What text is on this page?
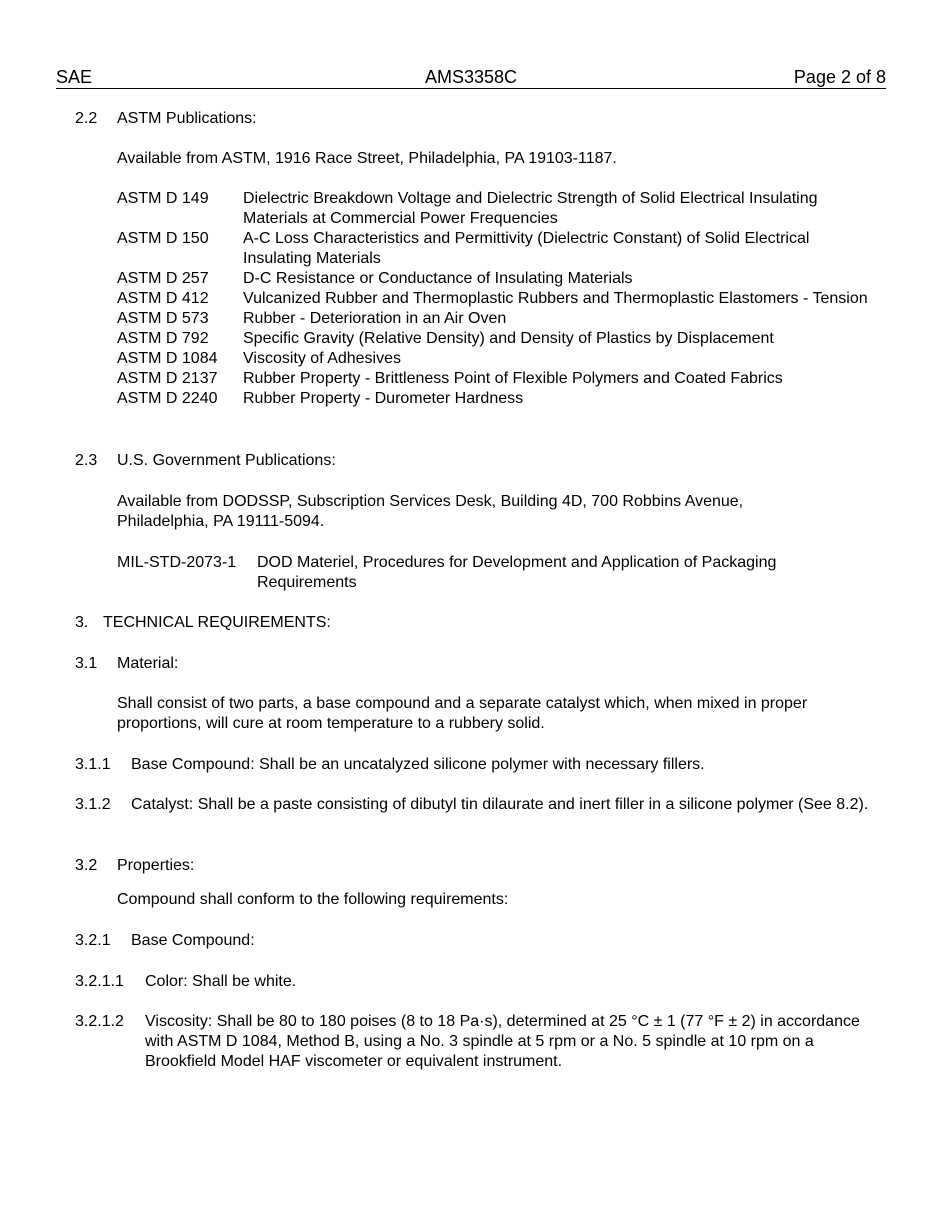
SAE	AMS3358C	Page 2 of 8
2.2 ASTM Publications:
Available from ASTM, 1916 Race Street, Philadelphia, PA 19103-1187.
ASTM D 149	Dielectric Breakdown Voltage and Dielectric Strength of Solid Electrical Insulating Materials at Commercial Power Frequencies
ASTM D 150	A-C Loss Characteristics and Permittivity (Dielectric Constant) of Solid Electrical Insulating Materials
ASTM D 257	D-C Resistance or Conductance of Insulating Materials
ASTM D 412	Vulcanized Rubber and Thermoplastic Rubbers and Thermoplastic Elastomers - Tension
ASTM D 573	Rubber - Deterioration in an Air Oven
ASTM D 792	Specific Gravity (Relative Density) and Density of Plastics by Displacement
ASTM D 1084	Viscosity of Adhesives
ASTM D 2137	Rubber Property - Brittleness Point of Flexible Polymers and Coated Fabrics
ASTM D 2240	Rubber Property - Durometer Hardness
2.3 U.S. Government Publications:
Available from DODSSP, Subscription Services Desk, Building 4D, 700 Robbins Avenue, Philadelphia, PA 19111-5094.
MIL-STD-2073-1	DOD Materiel, Procedures for Development and Application of Packaging Requirements
3. TECHNICAL REQUIREMENTS:
3.1 Material:
Shall consist of two parts, a base compound and a separate catalyst which, when mixed in proper proportions, will cure at room temperature to a rubbery solid.
3.1.1 Base Compound: Shall be an uncatalyzed silicone polymer with necessary fillers.
3.1.2 Catalyst: Shall be a paste consisting of dibutyl tin dilaurate and inert filler in a silicone polymer (See 8.2).
3.2 Properties:
Compound shall conform to the following requirements:
3.2.1 Base Compound:
3.2.1.1 Color: Shall be white.
3.2.1.2 Viscosity: Shall be 80 to 180 poises (8 to 18 Pa·s), determined at 25 °C ± 1 (77 °F ± 2) in accordance with ASTM D 1084, Method B, using a No. 3 spindle at 5 rpm or a No. 5 spindle at 10 rpm on a Brookfield Model HAF viscometer or equivalent instrument.
